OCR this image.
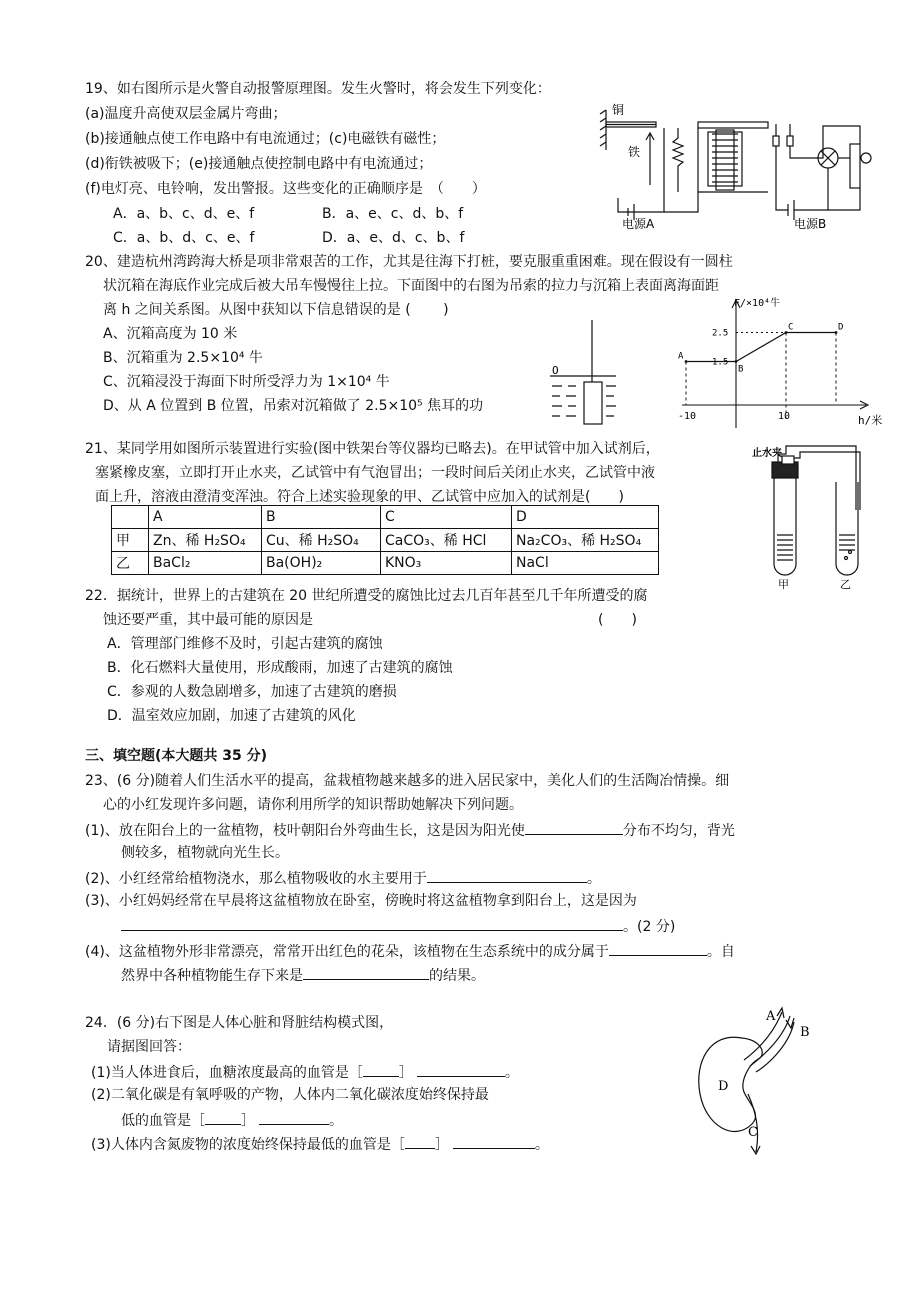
19、如右图所示是火警自动报警原理图。发生火警时，将会发生下列变化：
(a)温度升高使双层金属片弯曲；
(b)接通触点使工作电路中有电流通过；(c)电磁铁有磁性；
(d)衔铁被吸下；(e)接通触点使控制电路中有电流通过；
(f)电灯亮、电铃响，发出警报。这些变化的正确顺序是　（　　）
A．a、b、c、d、e、f	B．a、e、c、d、b、f
C．a、b、d、c、e、f	D．a、e、d、c、b、f
铜
铁
电源A	电源B
20、建造杭州湾跨海大桥是项非常艰苦的工作，尤其是往海下打桩，要克服重重困难。现在假设有一圆柱
状沉箱在海底作业完成后被大吊车慢慢往上拉。下面图中的右图为吊索的拉力与沉箱上表面离海面距
离 h 之间关系图。从图中获知以下信息错误的是 (　　 )
A、沉箱高度为 10 米
B、沉箱重为 2.5×10⁴ 牛
C、沉箱浸没于海面下时所受浮力为 1×10⁴ 牛
D、从 A 位置到 B 位置，吊索对沉箱做了 2.5×10⁵ 焦耳的功
O
A
B
C	D
1.5
2.5
-10	10
F/×10⁴牛
h/米
21、某同学用如图所示装置进行实验(图中铁架台等仪器均已略去)。在甲试管中加入试剂后，
塞紧橡皮塞，立即打开止水夹，乙试管中有气泡冒出；一段时间后关闭止水夹，乙试管中液
面上升，溶液由澄清变浑浊。符合上述实验现象的甲、乙试管中应加入的试剂是(　　)
	A	B	C	D
甲	Zn、稀 H₂SO₄	Cu、稀 H₂SO₄	CaCO₃、稀 HCl	Na₂CO₃、稀 H₂SO₄
乙	BaCl₂	Ba(OH)₂	KNO₃	NaCl
止水夹
甲	乙
22．据统计，世界上的古建筑在 20 世纪所遭受的腐蚀比过去几百年甚至几千年所遭受的腐
蚀还要严重，其中最可能的原因是	(　　)
A．管理部门维修不及时，引起古建筑的腐蚀
B．化石燃料大量使用，形成酸雨，加速了古建筑的腐蚀
C．参观的人数急剧增多，加速了古建筑的磨损
D．温室效应加剧，加速了古建筑的风化
三、填空题(本大题共 35 分)
23、(6 分)随着人们生活水平的提高，盆栽植物越来越多的进入居民家中，美化人们的生活陶冶情操。细
心的小红发现许多问题，请你利用所学的知识帮助她解决下列问题。
(1)、放在阳台上的一盆植物，枝叶朝阳台外弯曲生长，这是因为阳光使	分布不均匀，背光
侧较多，植物就向光生长。
(2)、小红经常给植物浇水，那么植物吸收的水主要用于	。
(3)、小红妈妈经常在早晨将这盆植物放在卧室，傍晚时将这盆植物拿到阳台上，这是因为
。(2 分)
(4)、这盆植物外形非常漂亮，常常开出红色的花朵，该植物在生态系统中的成分属于	。自
然界中各种植物能生存下来是	的结果。
24．(6 分)右下图是人体心脏和肾脏结构模式图，
请据图回答：
(1)当人体进食后，血糖浓度最高的血管是［	］	。
(2)二氧化碳是有氧呼吸的产物，人体内二氧化碳浓度始终保持最
低的血管是［	］	。
(3)人体内含氮废物的浓度始终保持最低的血管是［ ］	。
A
B
C
D
